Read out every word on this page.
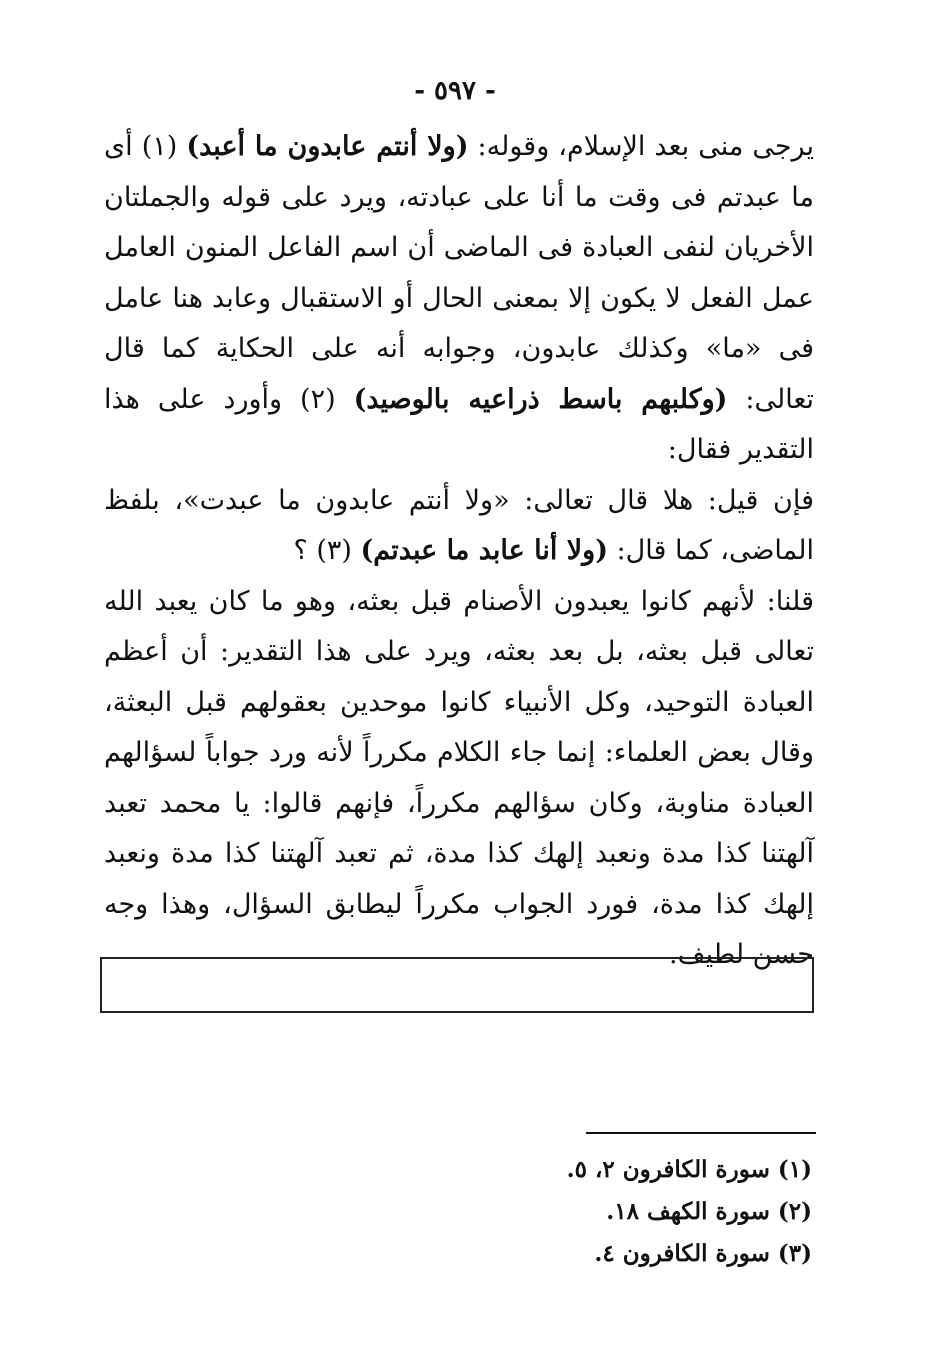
- ٥٩٧ -

يرجى منى بعد الإسلام، وقوله: (ولا أنتم عابدون ما أعبد) (١) أى ما عبدتم فى وقت ما أنا على عبادته، ويرد على قوله والجملتان الأخريان لنفى العبادة فى الماضى أن اسم الفاعل المنون العامل عمل الفعل لا يكون إلا بمعنى الحال أو الاستقبال وعابد هنا عامل فى «ما» وكذلك عابدون، وجوابه أنه على الحكاية كما قال تعالى: (وكلبهم باسط ذراعيه بالوصيد) (٢) وأورد على هذا التقدير فقال:

فإن قيل: هلا قال تعالى: «ولا أنتم عابدون ما عبدت»، بلفظ الماضى، كما قال: (ولا أنا عابد ما عبدتم) (٣) ؟

قلنا: لأنهم كانوا يعبدون الأصنام قبل بعثه، وهو ما كان يعبد الله تعالى قبل بعثه، بل بعد بعثه، ويرد على هذا التقدير: أن أعظم العبادة التوحيد، وكل الأنبياء كانوا موحدين بعقولهم قبل البعثة، وقال بعض العلماء: إنما جاء الكلام مكرراً لأنه ورد جواباً لسؤالهم العبادة مناوبة، وكان سؤالهم مكرراً، فإنهم قالوا: يا محمد تعبد آلهتنا كذا مدة ونعبد إلهك كذا مدة، ثم تعبد آلهتنا كذا مدة ونعبد إلهك كذا مدة، فورد الجواب مكرراً ليطابق السؤال، وهذا وجه حسن لطيف.

(١) سورة الكافرون ٢، ٥.
(٢) سورة الكهف ١٨.
(٣) سورة الكافرون ٤.
